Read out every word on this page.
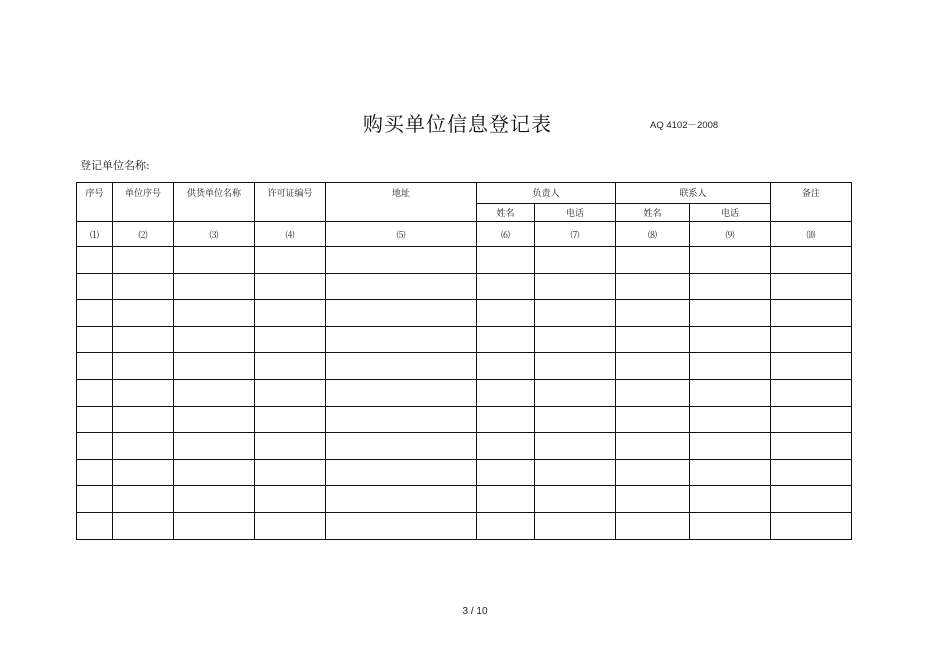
购买单位信息登记表	AQ 4102－2008
登记单位名称:
序号	单位序号	供货单位名称	许可证编号	地址	负责人		联系人		备注
					姓名	电话	姓名	电话	
⑴	⑵	⑶	⑷	⑸	⑹	⑺	⑻	⑼	⑽

3 / 10
